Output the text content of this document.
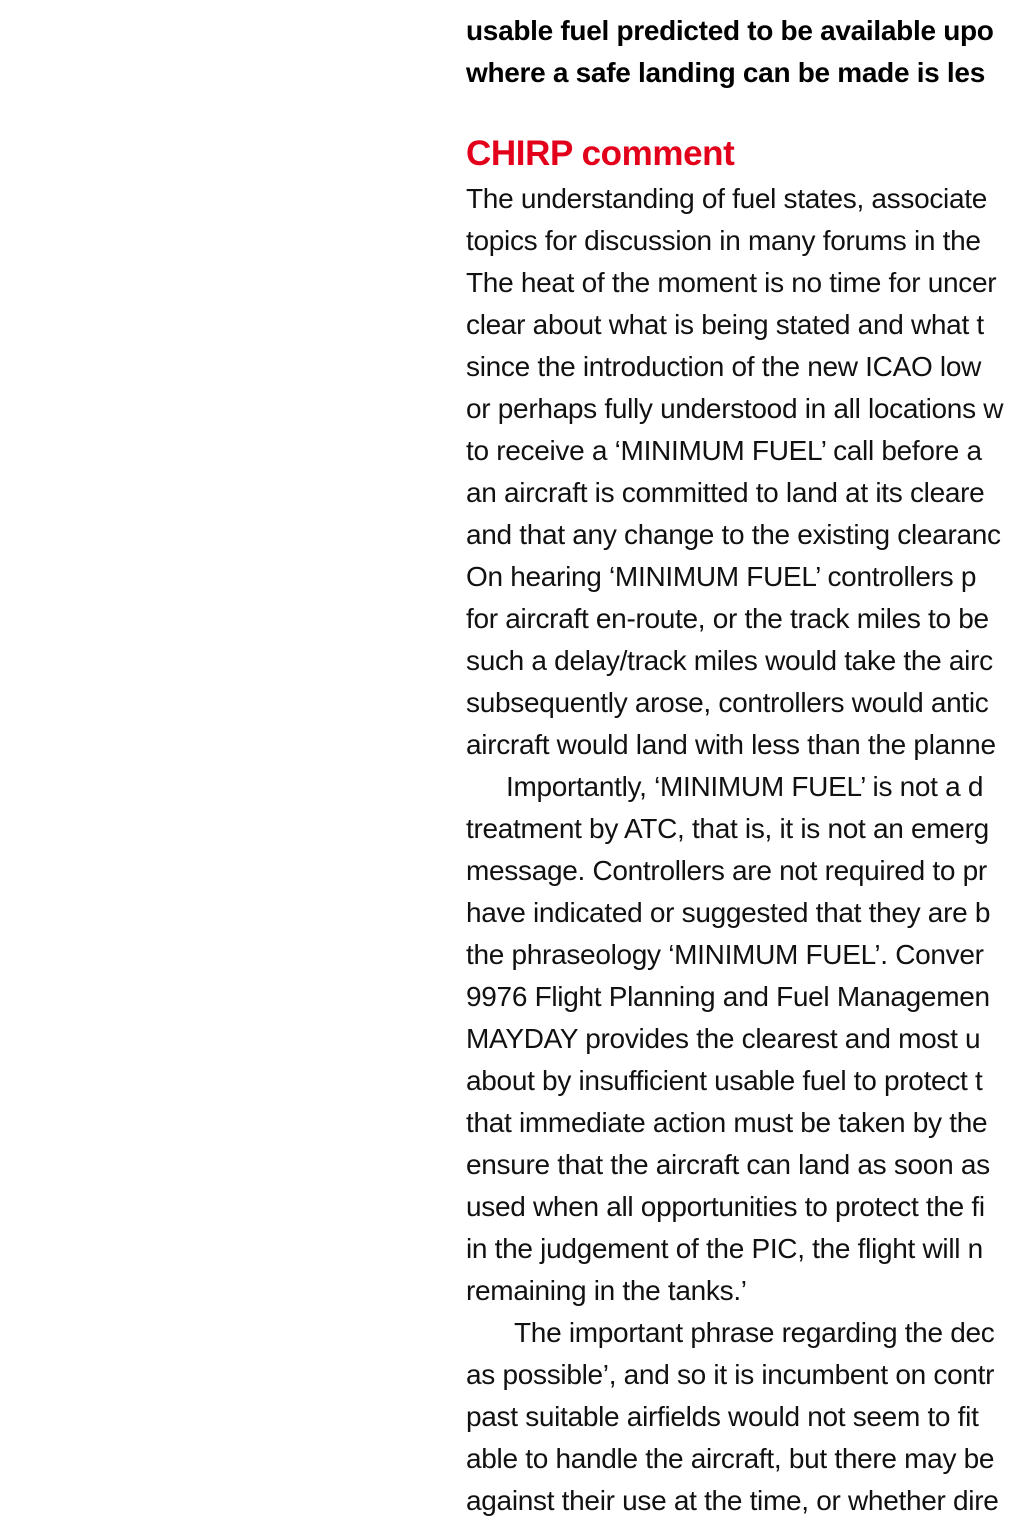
usable fuel predicted to be available upo
where a safe landing can be made is les
CHIRP comment
The understanding of fuel states, associate
topics for discussion in many forums in the
The heat of the moment is no time for uncer
clear about what is being stated and what t
since the introduction of the new ICAO low
or perhaps fully understood in all locations w
to receive a ‘MINIMUM FUEL’ call before a
an aircraft is committed to land at its cleare
and that any change to the existing clearanc
On hearing ‘MINIMUM FUEL’ controllers p
for aircraft en-route, or the track miles to be
such a delay/track miles would take the airc
subsequently arose, controllers would antic
aircraft would land with less than the planne
Importantly, ‘MINIMUM FUEL’ is not a d
treatment by ATC, that is, it is not an emerg
message. Controllers are not required to pr
have indicated or suggested that they are b
the phraseology ‘MINIMUM FUEL’. Conver
9976 Flight Planning and Fuel Managemen
MAYDAY provides the clearest and most u
about by insufficient usable fuel to protect t
that immediate action must be taken by the
ensure that the aircraft can land as soon as
used when all opportunities to protect the fi
in the judgement of the PIC, the flight will n
remaining in the tanks.’
The important phrase regarding the dec
as possible’, and so it is incumbent on contr
past suitable airfields would not seem to fit
able to handle the aircraft, but there may be
against their use at the time, or whether dire
